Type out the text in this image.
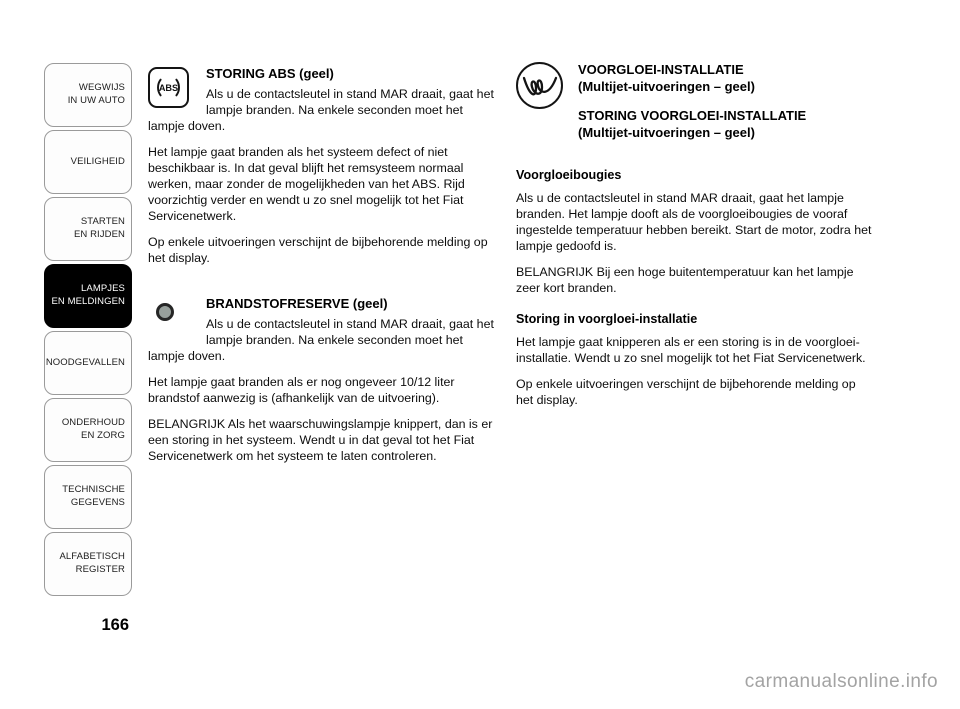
WEGWIJS
IN UW AUTO
VEILIGHEID
STARTEN
EN RIJDEN
LAMPJES
EN MELDINGEN
NOODGEVALLEN
ONDERHOUD
EN ZORG
TECHNISCHE
GEGEVENS
ALFABETISCH
REGISTER
166
ABS
STORING ABS (geel)

Als u de contactsleutel in stand MAR draait, gaat het lampje branden. Na enkele seconden moet het lampje doven.

Het lampje gaat branden als het systeem defect of niet beschikbaar is. In dat geval blijft het remsysteem normaal werken, maar zonder de mogelijkheden van het ABS. Rijd voorzichtig verder en wendt u zo snel mogelijk tot het Fiat Servicenetwerk.

Op enkele uitvoeringen verschijnt de bijbehorende melding op het display.

BRANDSTOFRESERVE (geel)

Als u de contactsleutel in stand MAR draait, gaat het lampje branden. Na enkele seconden moet het lampje doven.

Het lampje gaat branden als er nog ongeveer 10/12 liter brandstof aanwezig is (afhankelijk van de uitvoering).

BELANGRIJK Als het waarschuwingslampje knippert, dan is er een storing in het systeem. Wendt u in dat geval tot het Fiat Servicenetwerk om het systeem te laten controleren.

VOORGLOEI-INSTALLATIE
(Multijet-uitvoeringen – geel)
STORING VOORGLOEI-INSTALLATIE
(Multijet-uitvoeringen – geel)
Voorgloeibougies

Als u de contactsleutel in stand MAR draait, gaat het lampje branden. Het lampje dooft als de voorgloeibougies de vooraf ingestelde temperatuur hebben bereikt. Start de motor, zodra het lampje gedoofd is.

BELANGRIJK Bij een hoge buitentemperatuur kan het lampje zeer kort branden.

Storing in voorgloei-installatie

Het lampje gaat knipperen als er een storing is in de voorgloei-installatie. Wendt u zo snel mogelijk tot het Fiat Servicenetwerk.

Op enkele uitvoeringen verschijnt de bijbehorende melding op het display.

carmanualsonline.info
